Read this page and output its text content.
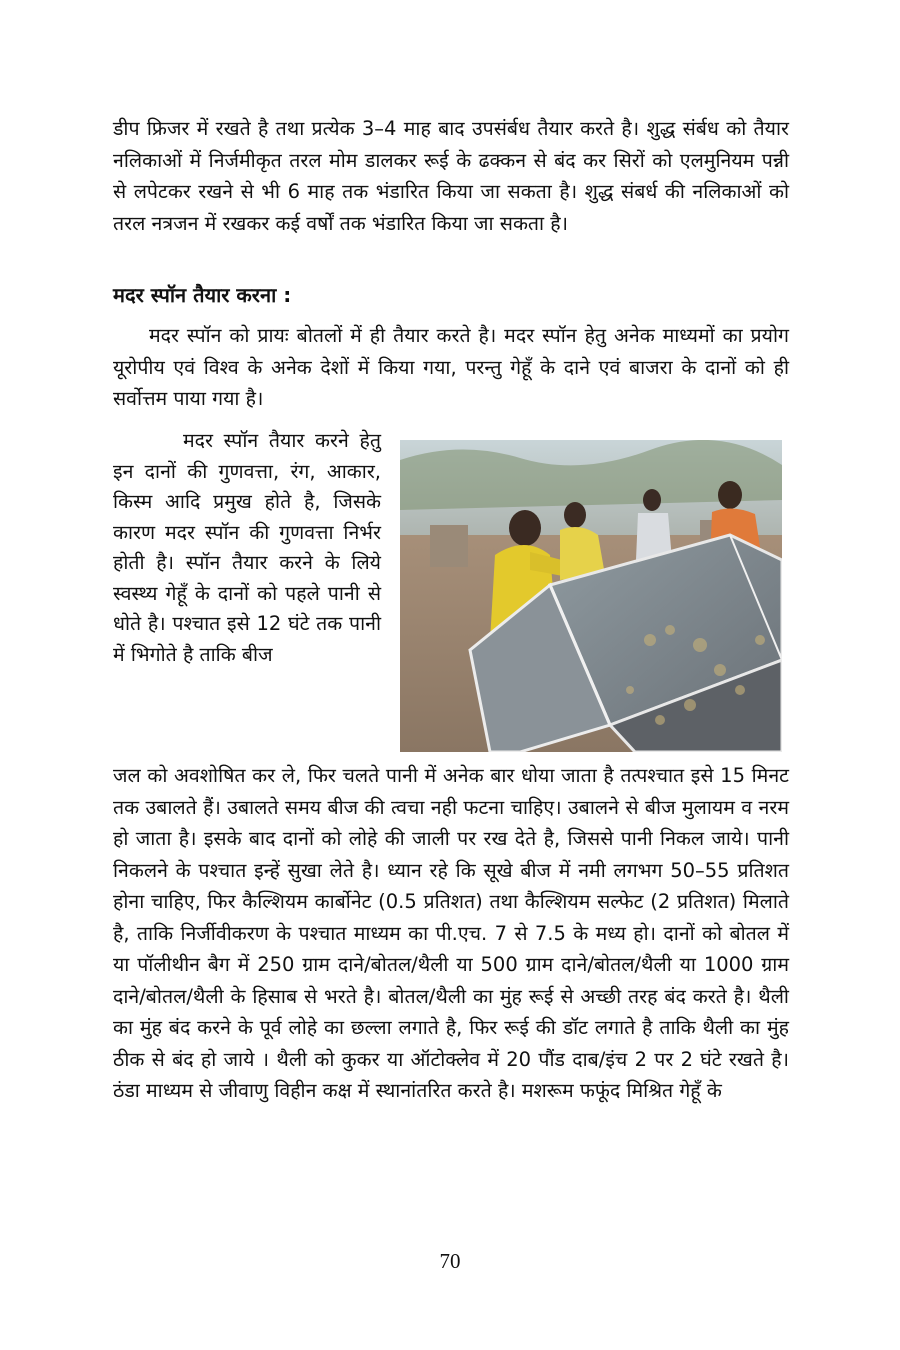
डीप फ्रिजर में रखते है तथा प्रत्येक 3–4 माह बाद उपसंर्बध तैयार करते है। शुद्ध संर्बध को तैयार नलिकाओं में निर्जमीकृत तरल मोम डालकर रूई के ढक्कन से बंद कर सिरों को एलमुनियम पन्नी से लपेटकर रखने से भी 6 माह तक भंडारित किया जा सकता है। शुद्ध संबर्ध की नलिकाओं को तरल नत्रजन में रखकर कई वर्षों तक भंडारित किया जा सकता है।

मदर स्पॉन तैयार करना :

मदर स्पॉन को प्रायः बोतलों में ही तैयार करते है। मदर स्पॉन हेतु अनेक माध्यमों का प्रयोग यूरोपीय एवं विश्व के अनेक देशों में किया गया, परन्तु गेहूँ के दाने एवं बाजरा के दानों को ही सर्वोत्तम पाया गया है।

मदर स्पॉन तैयार करने हेतु इन दानों की गुणवत्ता, रंग, आकार, किस्म आदि प्रमुख होते है, जिसके कारण मदर स्पॉन की गुणवत्ता निर्भर होती है। स्पॉन तैयार करने के लिये स्वस्थ्य गेहूँ के दानों को पहले पानी से धोते है। पश्चात इसे 12 घंटे तक पानी में भिगोते है ताकि बीज

जल को अवशोषित कर ले, फिर चलते पानी में अनेक बार धोया जाता है तत्पश्चात इसे 15 मिनट तक उबालते हैं। उबालते समय बीज की त्वचा नही फटना चाहिए। उबालने से बीज मुलायम व नरम हो जाता है। इसके बाद दानों को लोहे की जाली पर रख देते है, जिससे पानी निकल जाये। पानी निकलने के पश्चात इन्हें सुखा लेते है। ध्यान रहे कि सूखे बीज में नमी लगभग 50–55 प्रतिशत होना चाहिए, फिर कैल्शियम कार्बोनेट (0.5 प्रतिशत) तथा कैल्शियम सल्फेट (2 प्रतिशत) मिलाते है, ताकि निर्जीवीकरण के पश्चात माध्यम का पी.एच. 7 से 7.5 के मध्य हो। दानों को बोतल में या पॉलीथीन बैग में 250 ग्राम दाने/बोतल/थैली या 500 ग्राम दाने/बोतल/थैली या 1000 ग्राम दाने/बोतल/थैली के हिसाब से भरते है। बोतल/थैली का मुंह रूई से अच्छी तरह बंद करते है। थैली का मुंह बंद करने के पूर्व लोहे का छल्ला लगाते है, फिर रूई की डॉट लगाते है ताकि थैली का मुंह ठीक से बंद हो जाये । थैली को कुकर या ऑटोक्लेव में 20 पौंड दाब/इंच 2 पर 2 घंटे रखते है। ठंडा माध्यम से जीवाणु विहीन कक्ष में स्थानांतरित करते है। मशरूम फफूंद मिश्रित गेहूँ के

70
